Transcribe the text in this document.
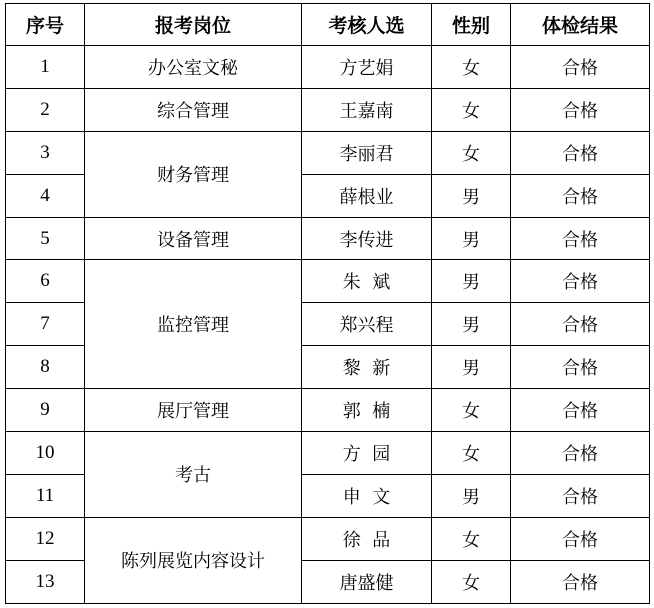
序号	报考岗位	考核人选	性别	体检结果
1	办公室文秘	方艺娟	女	合格
2	综合管理	王嘉南	女	合格
3	财务管理	李丽君	女	合格
4		薛根业	男	合格
5	设备管理	李传进	男	合格
6	监控管理	朱  斌	男	合格
7		郑兴程	男	合格
8		黎  新	男	合格
9	展厅管理	郭  楠	女	合格
10	考古	方  园	女	合格
11		申  文	男	合格
12	陈列展览内容设计	徐  品	女	合格
13		唐盛健	女	合格
